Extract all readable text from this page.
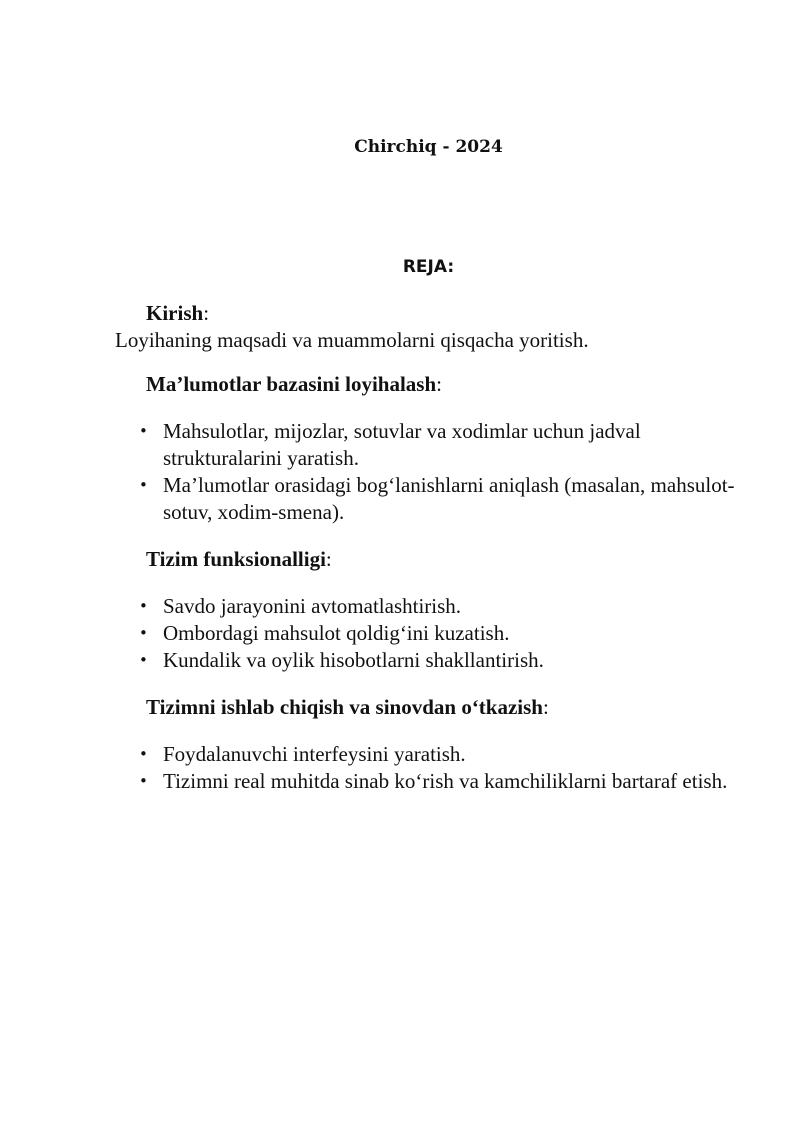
Chirchiq - 2024
REJA:

Kirish:

Loyihaning maqsadi va muammolarni qisqacha yoritish.

Ma’lumotlar bazasini loyihalash:

• Mahsulotlar, mijozlar, sotuvlar va xodimlar uchun jadval strukturalarini yaratish.
• Ma’lumotlar orasidagi bog‘lanishlarni aniqlash (masalan, mahsulot-sotuv, xodim-smena).

Tizim funksionalligi:

• Savdo jarayonini avtomatlashtirish.
• Ombordagi mahsulot qoldig‘ini kuzatish.
• Kundalik va oylik hisobotlarni shakllantirish.

Tizimni ishlab chiqish va sinovdan o‘tkazish:

• Foydalanuvchi interfeysini yaratish.
• Tizimni real muhitda sinab ko‘rish va kamchiliklarni bartaraf etish.
